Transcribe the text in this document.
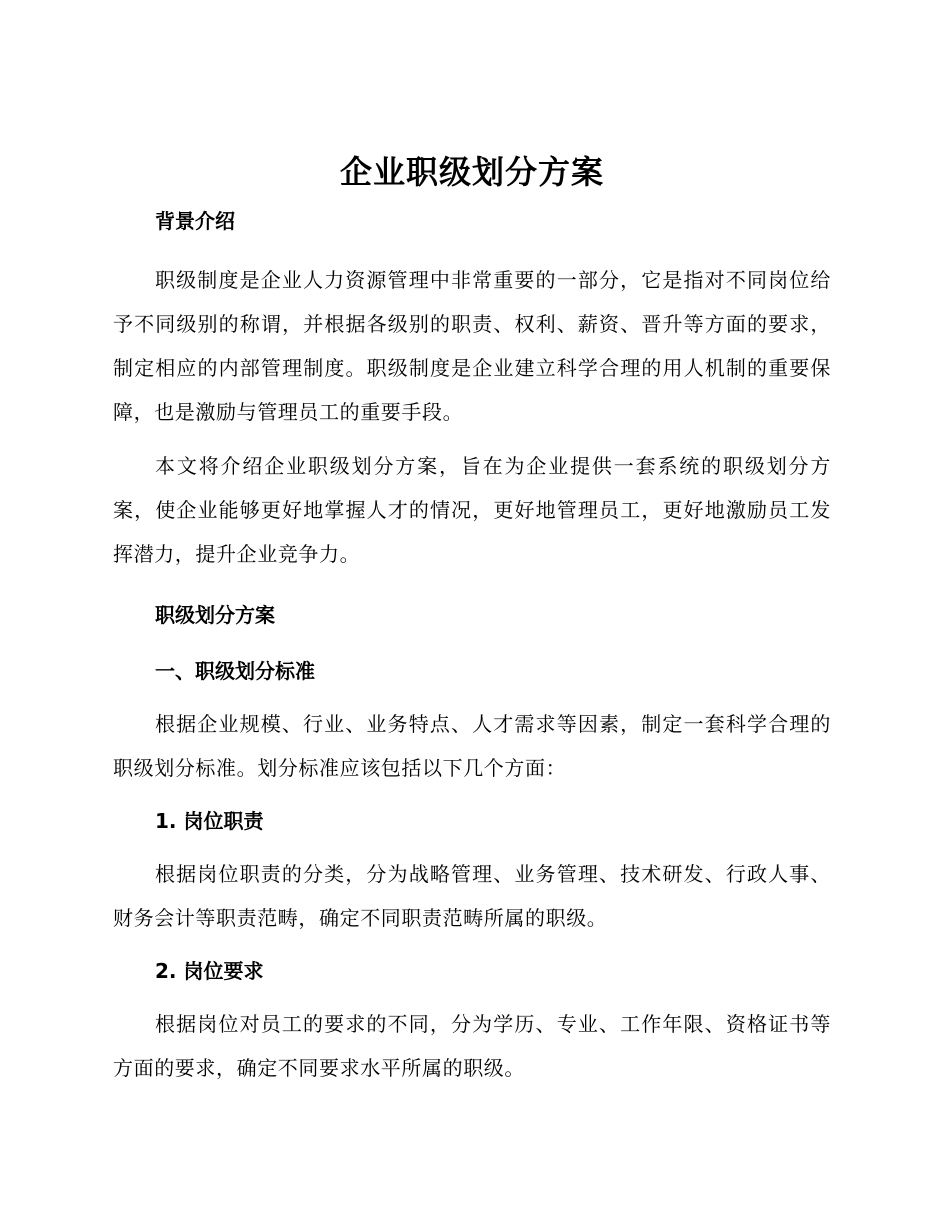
企业职级划分方案
背景介绍

职级制度是企业人力资源管理中非常重要的一部分，它是指对不同岗位给予不同级别的称谓，并根据各级别的职责、权利、薪资、晋升等方面的要求，制定相应的内部管理制度。职级制度是企业建立科学合理的用人机制的重要保障，也是激励与管理员工的重要手段。

本文将介绍企业职级划分方案，旨在为企业提供一套系统的职级划分方案，使企业能够更好地掌握人才的情况，更好地管理员工，更好地激励员工发挥潜力，提升企业竞争力。

职级划分方案
一、职级划分标准

根据企业规模、行业、业务特点、人才需求等因素，制定一套科学合理的职级划分标准。划分标准应该包括以下几个方面：

1. 岗位职责

根据岗位职责的分类，分为战略管理、业务管理、技术研发、行政人事、财务会计等职责范畴，确定不同职责范畴所属的职级。

2. 岗位要求

根据岗位对员工的要求的不同，分为学历、专业、工作年限、资格证书等方面的要求，确定不同要求水平所属的职级。
